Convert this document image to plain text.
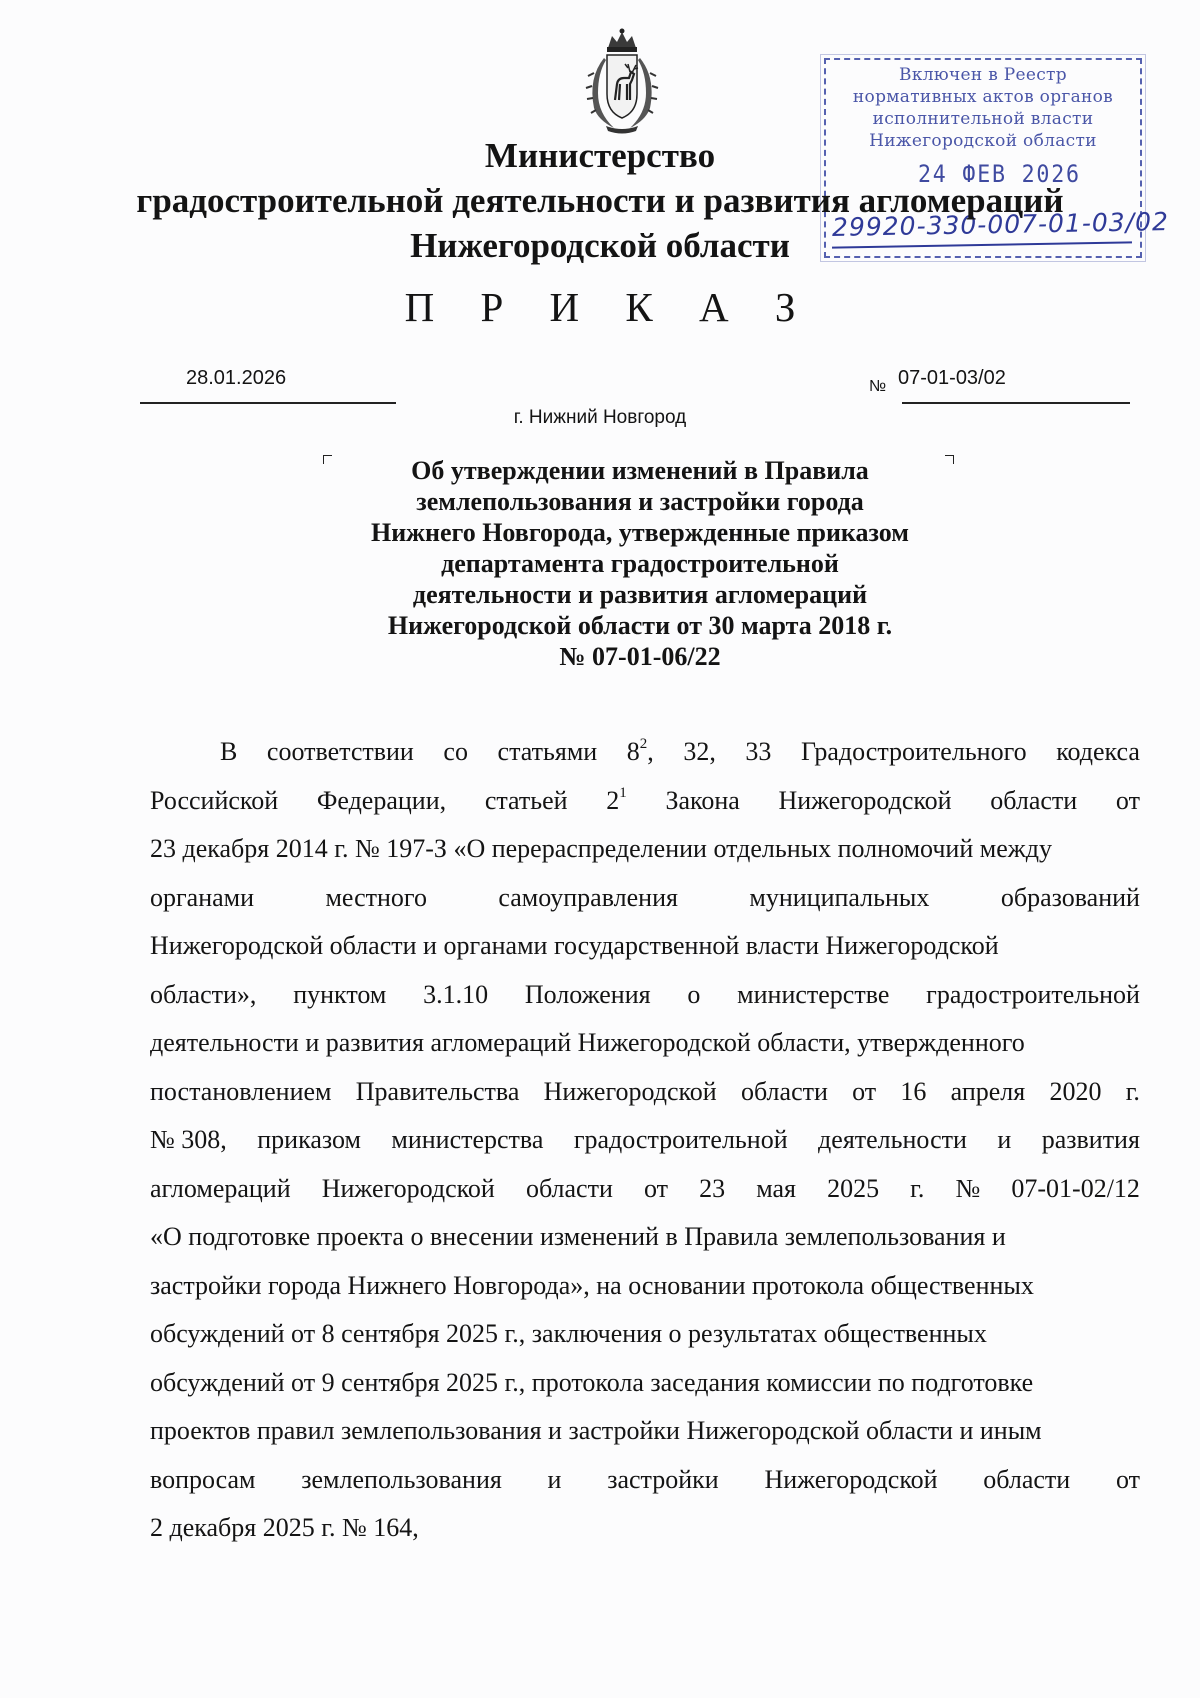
Включен в Реестр
нормативных актов органов
исполнительной власти
Нижегородской области
24 ФЕВ 2026
29920-330-007-01-03/02
Министерство
градостроительной деятельности и развития агломераций
Нижегородской области
П Р И К А З
28.01.2026	№ 07-01-03/02
г. Нижний Новгород
Об утверждении изменений в Правила
землепользования и застройки города
Нижнего Новгорода, утвержденные приказом
департамента градостроительной
деятельности и развития агломераций
Нижегородской области от 30 марта 2018 г.
№ 07-01-06/22
В соответствии со статьями $8^2$, 32, 33 Градостроительного кодекса
Российской Федерации, статьей $2^1$ Закона Нижегородской области от
23 декабря 2014 г. № 197-З «О перераспределении отдельных полномочий между
органами	местного	самоуправления	муниципальных	образований
Нижегородской области и органами государственной власти Нижегородской
области», пунктом 3.1.10 Положения о министерстве градостроительной
деятельности и развития агломераций Нижегородской области, утвержденного
постановлением Правительства Нижегородской области от 16 апреля 2020 г.
№ 308, приказом министерства градостроительной деятельности и развития
агломераций Нижегородской области от 23 мая 2025 г. № 07-01-02/12
«О подготовке проекта о внесении изменений в Правила землепользования и
застройки города Нижнего Новгорода», на основании протокола общественных
обсуждений от 8 сентября 2025 г., заключения о результатах общественных
обсуждений от 9 сентября 2025 г., протокола заседания комиссии по подготовке
проектов правил землепользования и застройки Нижегородской области и иным
вопросам землепользования и застройки Нижегородской области от
2 декабря 2025 г. № 164,
